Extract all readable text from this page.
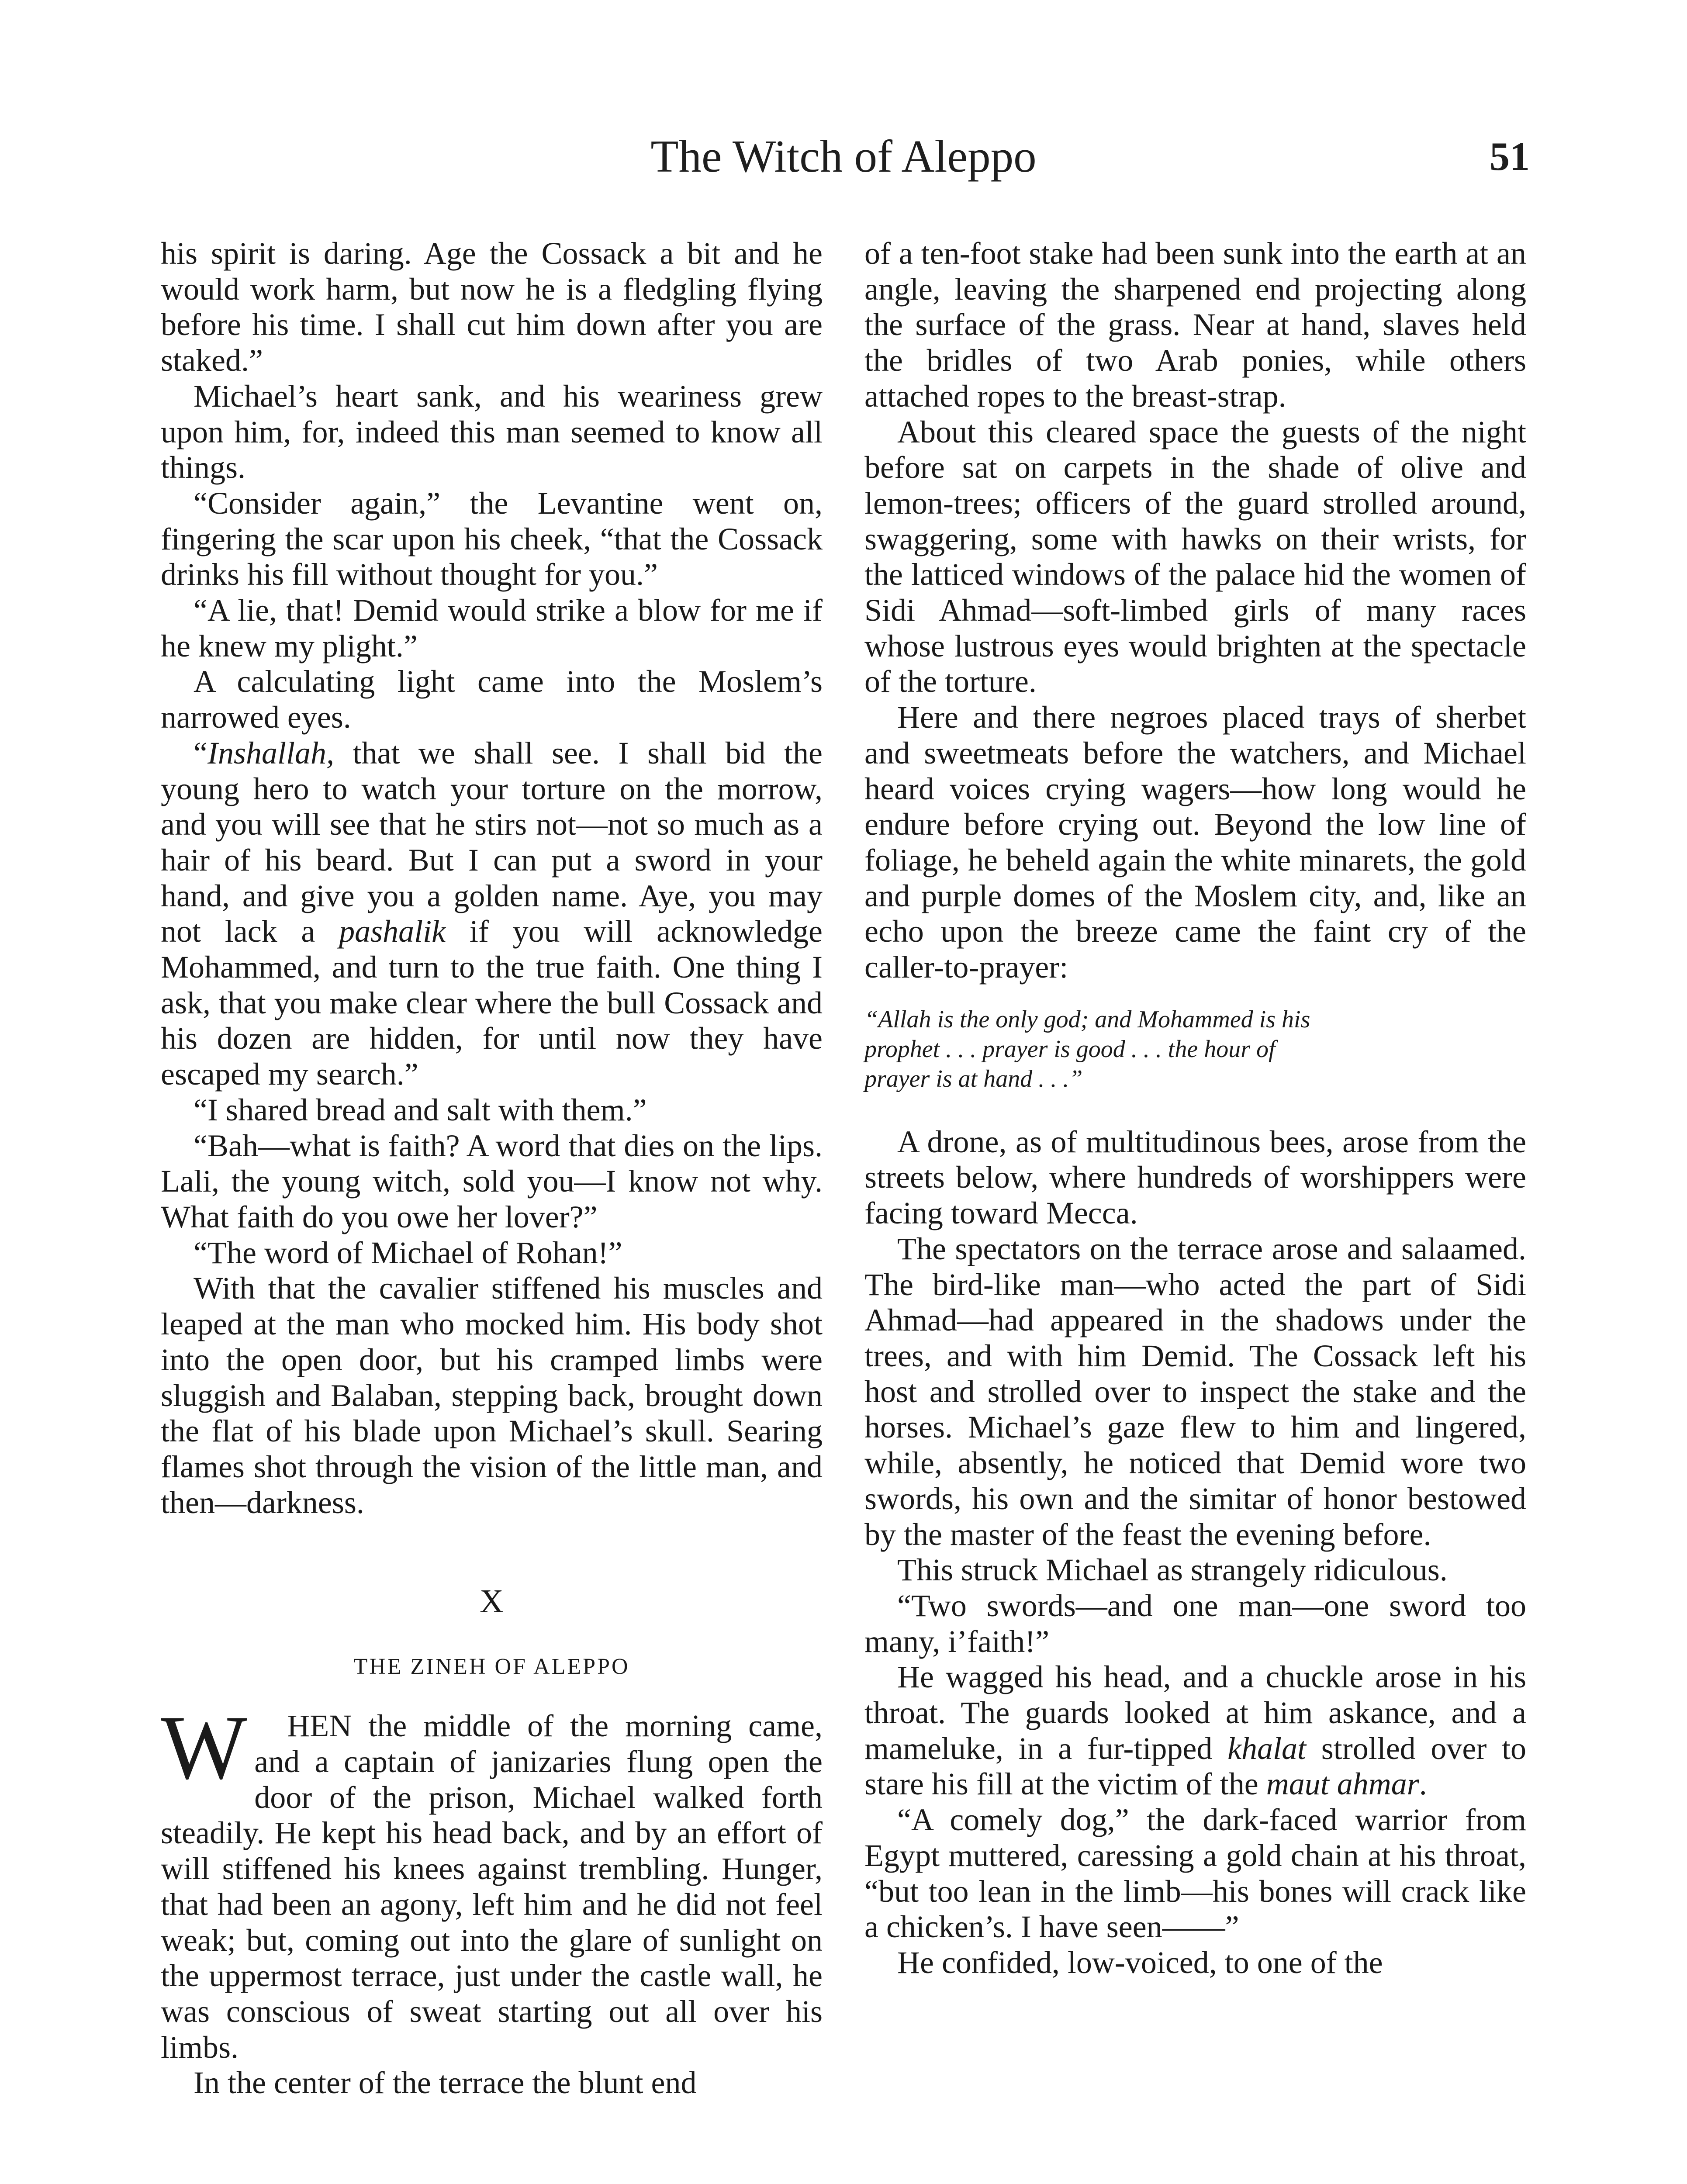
The Witch of Aleppo	51

his spirit is daring. Age the Cossack a bit and he would work harm, but now he is a fledgling flying before his time. I shall cut him down after you are staked.”

Michael’s heart sank, and his weariness grew upon him, for, indeed this man seemed to know all things.

“Consider again,” the Levantine went on, fingering the scar upon his cheek, “that the Cossack drinks his fill without thought for you.”

“A lie, that! Demid would strike a blow for me if he knew my plight.”

A calculating light came into the Moslem’s narrowed eyes.

“Inshallah, that we shall see. I shall bid the young hero to watch your torture on the morrow, and you will see that he stirs not—not so much as a hair of his beard. But I can put a sword in your hand, and give you a golden name. Aye, you may not lack a pashalik if you will acknowledge Mohammed, and turn to the true faith. One thing I ask, that you make clear where the bull Cossack and his dozen are hidden, for until now they have escaped my search.”

“I shared bread and salt with them.”

“Bah—what is faith? A word that dies on the lips. Lali, the young witch, sold you—I know not why. What faith do you owe her lover?”

“The word of Michael of Rohan!”

With that the cavalier stiffened his muscles and leaped at the man who mocked him. His body shot into the open door, but his cramped limbs were sluggish and Balaban, stepping back, brought down the flat of his blade upon Michael’s skull. Searing flames shot through the vision of the little man, and then—darkness.

X
THE ZINEH OF ALEPPO

W HEN the middle of the morning came, and a captain of janizaries flung open the door of the prison, Michael walked forth steadily. He kept his head back, and by an effort of will stiffened his knees against trembling. Hunger, that had been an agony, left him and he did not feel weak; but, coming out into the glare of sunlight on the uppermost terrace, just under the castle wall, he was conscious of sweat starting out all over his limbs.

In the center of the terrace the blunt end

of a ten-foot stake had been sunk into the earth at an angle, leaving the sharpened end projecting along the surface of the grass. Near at hand, slaves held the bridles of two Arab ponies, while others attached ropes to the breast-strap.

About this cleared space the guests of the night before sat on carpets in the shade of olive and lemon-trees; officers of the guard strolled around, swaggering, some with hawks on their wrists, for the latticed windows of the palace hid the women of Sidi Ahmad—soft-limbed girls of many races whose lustrous eyes would brighten at the spectacle of the torture.

Here and there negroes placed trays of sherbet and sweetmeats before the watchers, and Michael heard voices crying wagers—how long would he endure before crying out. Beyond the low line of foliage, he beheld again the white minarets, the gold and purple domes of the Moslem city, and, like an echo upon the breeze came the faint cry of the caller-to-prayer:

“Allah is the only god; and Mohammed is his
prophet . . . prayer is good . . . the hour of
prayer is at hand . . .”

A drone, as of multitudinous bees, arose from the streets below, where hundreds of worshippers were facing toward Mecca.

The spectators on the terrace arose and salaamed. The bird-like man—who acted the part of Sidi Ahmad—had appeared in the shadows under the trees, and with him Demid. The Cossack left his host and strolled over to inspect the stake and the horses. Michael’s gaze flew to him and lingered, while, absently, he noticed that Demid wore two swords, his own and the simitar of honor bestowed by the master of the feast the evening before.

This struck Michael as strangely ridiculous.

“Two swords—and one man—one sword too many, i’faith!”

He wagged his head, and a chuckle arose in his throat. The guards looked at him askance, and a mameluke, in a fur-tipped khalat strolled over to stare his fill at the victim of the maut ahmar.

“A comely dog,” the dark-faced warrior from Egypt muttered, caressing a gold chain at his throat, “but too lean in the limb—his bones will crack like a chicken’s. I have seen——”

He confided, low-voiced, to one of the
